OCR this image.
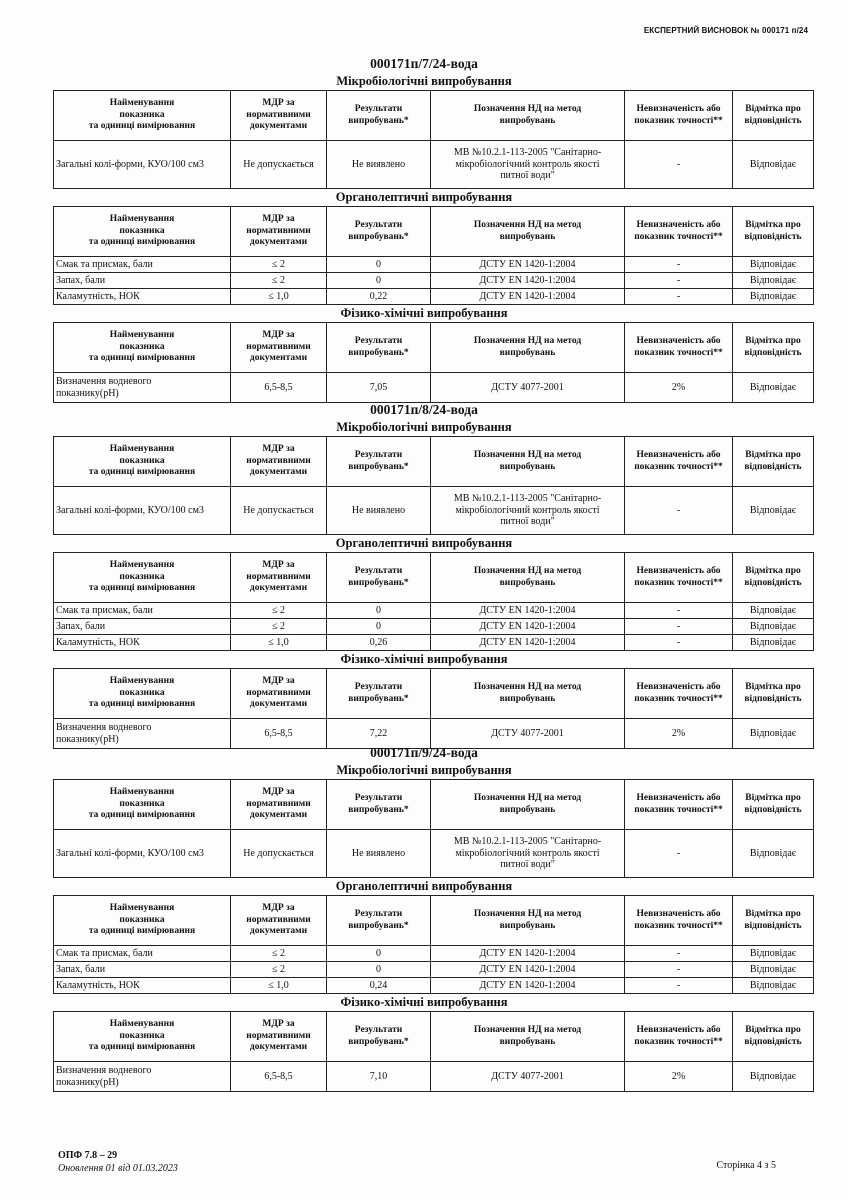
ЕКСПЕРТНИЙ ВИСНОВОК № 000171 п/24
000171п/7/24-вода
Мікробіологічні випробування
Найменування
показника
та одиниці вимірювання	МДР за
нормативними
документами	Результати
випробувань*	Позначення НД на метод
випробувань	Невизначеність або
показник точності**	Відмітка про
відповідність
Загальні колі-форми, КУО/100 см3	Не допускається	Не виявлено	МВ №10.2.1-113-2005 "Санітарно-
мікробіологічний контроль якості
питної води"	-	Відповідає
Органолептичні випробування
Найменування
показника
та одиниці вимірювання	МДР за
нормативними
документами	Результати
випробувань*	Позначення НД на метод
випробувань	Невизначеність або
показник точності**	Відмітка про
відповідність
Смак та присмак, бали	≤ 2	0	ДСТУ EN 1420-1:2004	-	Відповідає
Запах, бали	≤ 2	0	ДСТУ EN 1420-1:2004	-	Відповідає
Каламутність, НОК	≤ 1,0	0,22	ДСТУ EN 1420-1:2004	-	Відповідає
Фізико-хімічні випробування
Найменування
показника
та одиниці вимірювання	МДР за
нормативними
документами	Результати
випробувань*	Позначення НД на метод
випробувань	Невизначеність або
показник точності**	Відмітка про
відповідність
Визначення водневого
показнику(pH)	6,5-8,5	7,05	ДСТУ 4077-2001	2%	Відповідає
000171п/8/24-вода
Мікробіологічні випробування
Найменування
показника
та одиниці вимірювання	МДР за
нормативними
документами	Результати
випробувань*	Позначення НД на метод
випробувань	Невизначеність або
показник точності**	Відмітка про
відповідність
Загальні колі-форми, КУО/100 см3	Не допускається	Не виявлено	МВ №10.2.1-113-2005 "Санітарно-
мікробіологічний контроль якості
питної води"	-	Відповідає
Органолептичні випробування
Найменування
показника
та одиниці вимірювання	МДР за
нормативними
документами	Результати
випробувань*	Позначення НД на метод
випробувань	Невизначеність або
показник точності**	Відмітка про
відповідність
Смак та присмак, бали	≤ 2	0	ДСТУ EN 1420-1:2004	-	Відповідає
Запах, бали	≤ 2	0	ДСТУ EN 1420-1:2004	-	Відповідає
Каламутність, НОК	≤ 1,0	0,26	ДСТУ EN 1420-1:2004	-	Відповідає
Фізико-хімічні випробування
Найменування
показника
та одиниці вимірювання	МДР за
нормативними
документами	Результати
випробувань*	Позначення НД на метод
випробувань	Невизначеність або
показник точності**	Відмітка про
відповідність
Визначення водневого
показнику(pH)	6,5-8,5	7,22	ДСТУ 4077-2001	2%	Відповідає
000171п/9/24-вода
Мікробіологічні випробування
Найменування
показника
та одиниці вимірювання	МДР за
нормативними
документами	Результати
випробувань*	Позначення НД на метод
випробувань	Невизначеність або
показник точності**	Відмітка про
відповідність
Загальні колі-форми, КУО/100 см3	Не допускається	Не виявлено	МВ №10.2.1-113-2005 "Санітарно-
мікробіологічний контроль якості
питної води"	-	Відповідає
Органолептичні випробування
Найменування
показника
та одиниці вимірювання	МДР за
нормативними
документами	Результати
випробувань*	Позначення НД на метод
випробувань	Невизначеність або
показник точності**	Відмітка про
відповідність
Смак та присмак, бали	≤ 2	0	ДСТУ EN 1420-1:2004	-	Відповідає
Запах, бали	≤ 2	0	ДСТУ EN 1420-1:2004	-	Відповідає
Каламутність, НОК	≤ 1,0	0,24	ДСТУ EN 1420-1:2004	-	Відповідає
Фізико-хімічні випробування
Найменування
показника
та одиниці вимірювання	МДР за
нормативними
документами	Результати
випробувань*	Позначення НД на метод
випробувань	Невизначеність або
показник точності**	Відмітка про
відповідність
Визначення водневого
показнику(pH)	6,5-8,5	7,10	ДСТУ 4077-2001	2%	Відповідає
ОПФ 7.8 – 29
Оновлення 01 від 01.03.2023	Сторінка 4 з 5
